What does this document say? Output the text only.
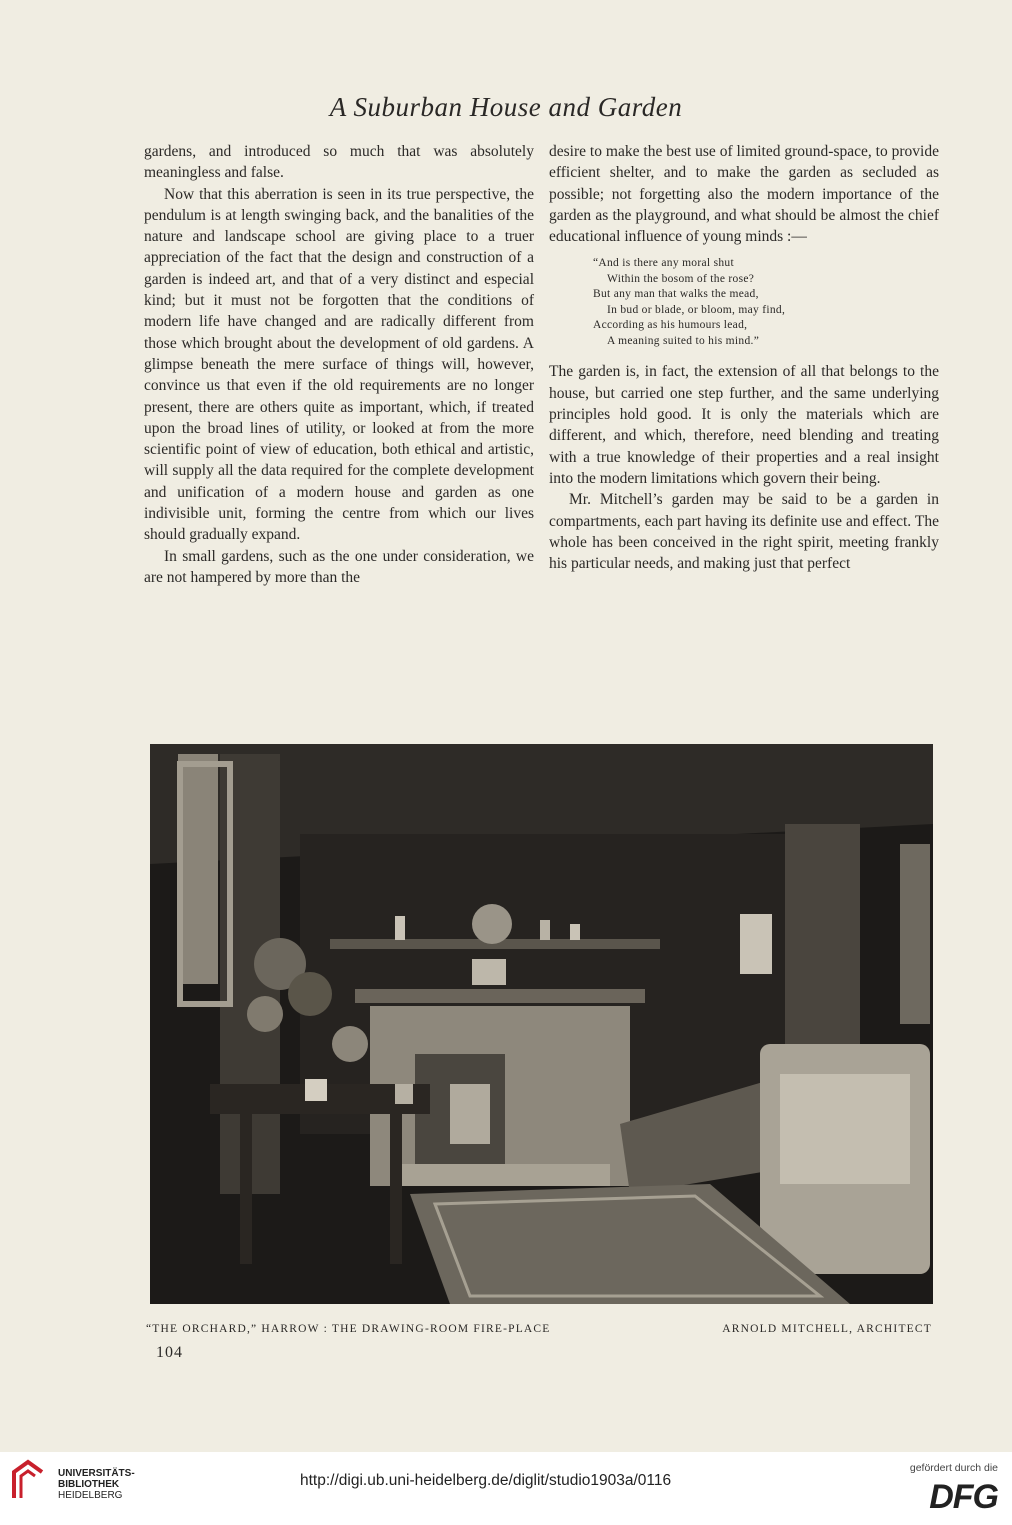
A Suburban House and Garden

gardens, and introduced so much that was absolutely meaningless and false.

Now that this aberration is seen in its true perspective, the pendulum is at length swinging back, and the banalities of the nature and landscape school are giving place to a truer appreciation of the fact that the design and construction of a garden is indeed art, and that of a very distinct and especial kind; but it must not be forgotten that the conditions of modern life have changed and are radically different from those which brought about the development of old gardens. A glimpse beneath the mere surface of things will, however, convince us that even if the old requirements are no longer present, there are others quite as important, which, if treated upon the broad lines of utility, or looked at from the more scientific point of view of education, both ethical and artistic, will supply all the data required for the complete development and unification of a modern house and garden as one indivisible unit, forming the centre from which our lives should gradually expand.

In small gardens, such as the one under consideration, we are not hampered by more than the

desire to make the best use of limited ground-space, to provide efficient shelter, and to make the garden as secluded as possible; not forgetting also the modern importance of the garden as the playground, and what should be almost the chief educational influence of young minds :—

“And is there any moral shut
Within the bosom of the rose?
But any man that walks the mead,
In bud or blade, or bloom, may find,
According as his humours lead,
A meaning suited to his mind.”

The garden is, in fact, the extension of all that belongs to the house, but carried one step further, and the same underlying principles hold good. It is only the materials which are different, and which, therefore, need blending and treating with a true knowledge of their properties and a real insight into the modern limitations which govern their being.

Mr. Mitchell’s garden may be said to be a garden in compartments, each part having its definite use and effect. The whole has been conceived in the right spirit, meeting frankly his particular needs, and making just that perfect

“THE ORCHARD,” HARROW : THE DRAWING-ROOM FIRE-PLACE	ARNOLD MITCHELL, ARCHITECT
104
UNIVERSITÄTS-
BIBLIOTHEK
HEIDELBERG
http://digi.ub.uni-heidelberg.de/diglit/studio1903a/0116
gefördert durch die
DFG
